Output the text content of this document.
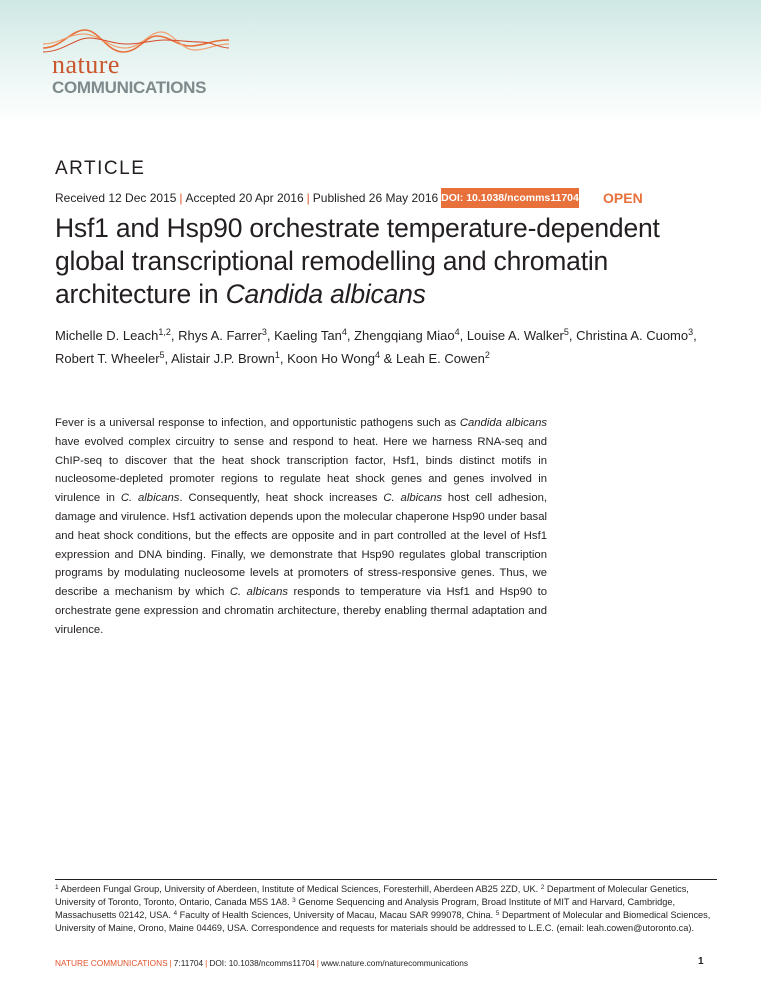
nature
COMMUNICATIONS
ARTICLE
Received 12 Dec 2015 | Accepted 20 Apr 2016 | Published 26 May 2016 DOI: 10.1038/ncomms11704 OPEN
Hsf1 and Hsp90 orchestrate temperature-dependent global transcriptional remodelling and chromatin architecture in Candida albicans
Michelle D. Leach$^{1,2}$, Rhys A. Farrer$^3$, Kaeling Tan$^4$, Zhengqiang Miao$^4$, Louise A. Walker$^5$, Christina A. Cuomo$^3$, Robert T. Wheeler$^5$, Alistair J.P. Brown$^1$, Koon Ho Wong$^4$ & Leah E. Cowen$^2$
Fever is a universal response to infection, and opportunistic pathogens such as Candida albicans have evolved complex circuitry to sense and respond to heat. Here we harness RNA-seq and ChIP-seq to discover that the heat shock transcription factor, Hsf1, binds distinct motifs in nucleosome-depleted promoter regions to regulate heat shock genes and genes involved in virulence in C. albicans. Consequently, heat shock increases C. albicans host cell adhesion, damage and virulence. Hsf1 activation depends upon the molecular chaperone Hsp90 under basal and heat shock conditions, but the effects are opposite and in part controlled at the level of Hsf1 expression and DNA binding. Finally, we demonstrate that Hsp90 regulates global transcription programs by modulating nucleosome levels at promoters of stress-responsive genes. Thus, we describe a mechanism by which C. albicans responds to temperature via Hsf1 and Hsp90 to orchestrate gene expression and chromatin architecture, thereby enabling thermal adaptation and virulence.
$^1$ Aberdeen Fungal Group, University of Aberdeen, Institute of Medical Sciences, Foresterhill, Aberdeen AB25 2ZD, UK. $^2$ Department of Molecular Genetics, University of Toronto, Toronto, Ontario, Canada M5S 1A8. $^3$ Genome Sequencing and Analysis Program, Broad Institute of MIT and Harvard, Cambridge, Massachusetts 02142, USA. $^4$ Faculty of Health Sciences, University of Macau, Macau SAR 999078, China. $^5$ Department of Molecular and Biomedical Sciences, University of Maine, Orono, Maine 04469, USA. Correspondence and requests for materials should be addressed to L.E.C. (email: leah.cowen@utoronto.ca).
NATURE COMMUNICATIONS | 7:11704 | DOI: 10.1038/ncomms11704 | www.nature.com/naturecommunications	1
